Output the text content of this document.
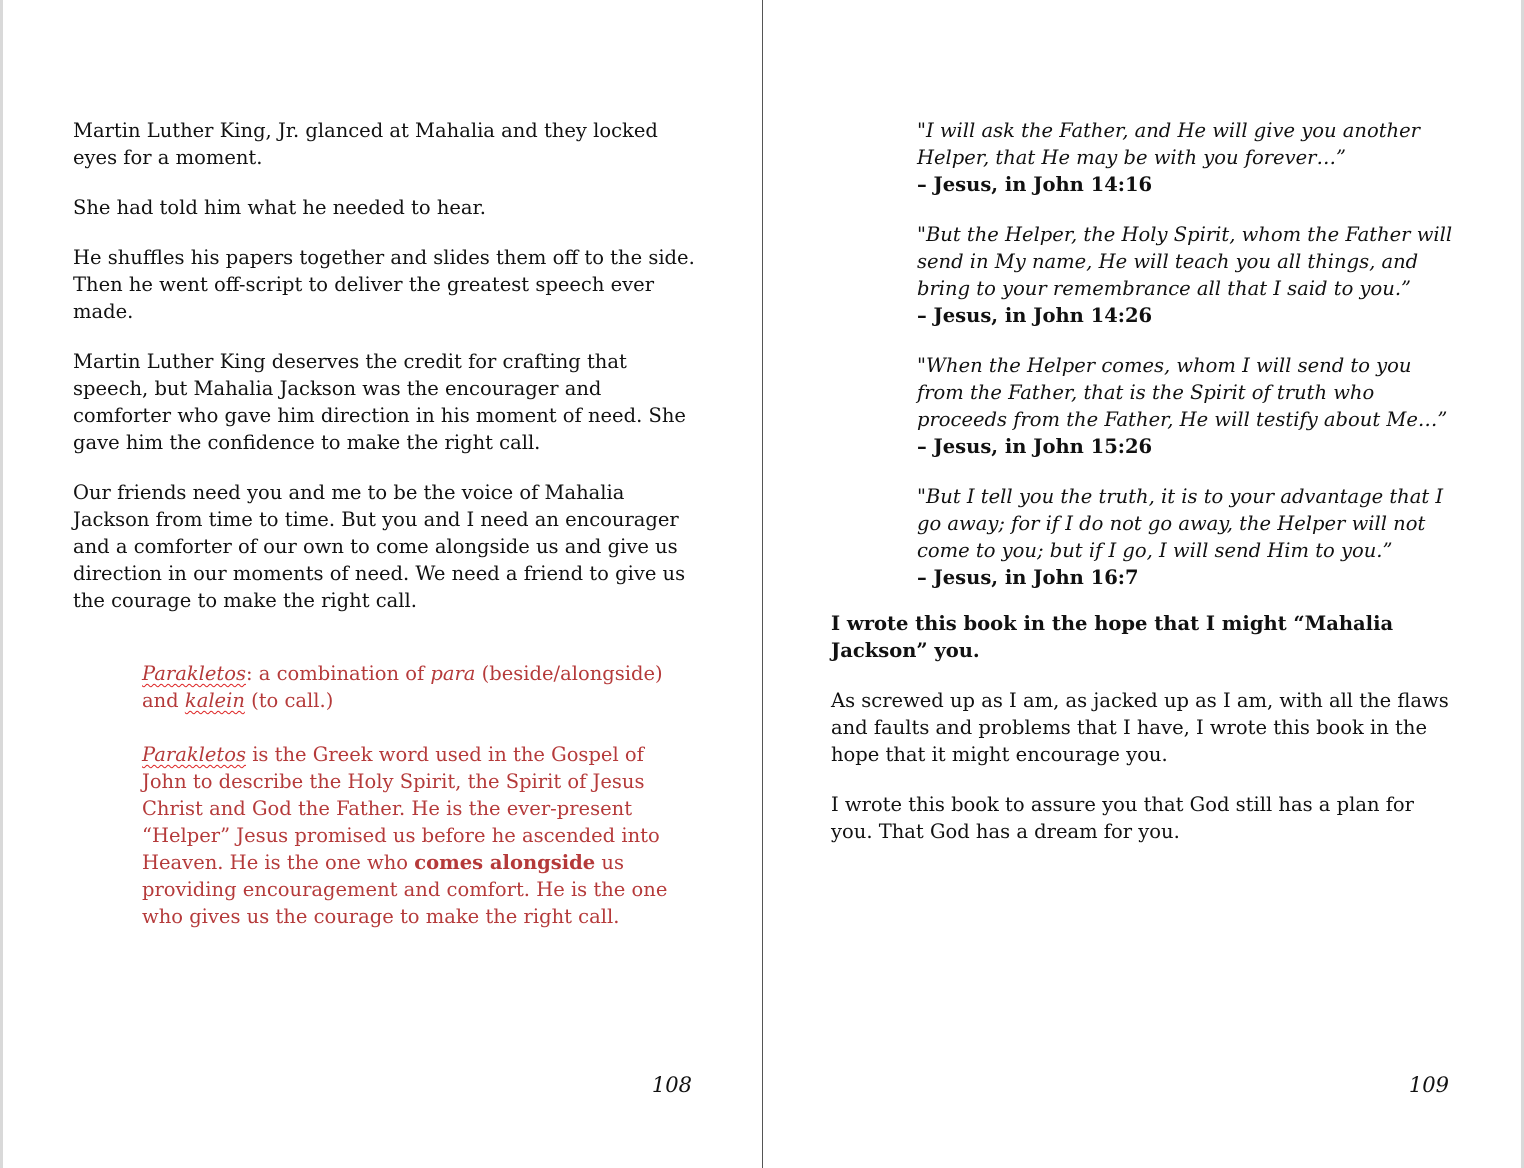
Martin Luther King, Jr. glanced at Mahalia and they locked eyes for a moment.

She had told him what he needed to hear.

He shuffles his papers together and slides them off to the side. Then he went off-script to deliver the greatest speech ever made.

Martin Luther King deserves the credit for crafting that speech, but Mahalia Jackson was the encourager and comforter who gave him direction in his moment of need. She gave him the confidence to make the right call.

Our friends need you and me to be the voice of Mahalia Jackson from time to time. But you and I need an encourager and a comforter of our own to come alongside us and give us direction in our moments of need. We need a friend to give us the courage to make the right call.

Parakletos: a combination of para (beside/alongside)
and kalein (to call.)

Parakletos is the Greek word used in the Gospel of John to describe the Holy Spirit, the Spirit of Jesus Christ and God the Father. He is the ever-present “Helper” Jesus promised us before he ascended into Heaven. He is the one who comes alongside us providing encouragement and comfort. He is the one who gives us the courage to make the right call.

108
"I will ask the Father, and He will give you another Helper, that He may be with you forever…”
– Jesus, in John 14:16
"But the Helper, the Holy Spirit, whom the Father will send in My name, He will teach you all things, and bring to your remembrance all that I said to you.”
– Jesus, in John 14:26
"When the Helper comes, whom I will send to you from the Father, that is the Spirit of truth who proceeds from the Father, He will testify about Me…”
– Jesus, in John 15:26
"But I tell you the truth, it is to your advantage that I go away; for if I do not go away, the Helper will not come to you; but if I go, I will send Him to you.”
– Jesus, in John 16:7

I wrote this book in the hope that I might “Mahalia Jackson” you.

As screwed up as I am, as jacked up as I am, with all the flaws and faults and problems that I have, I wrote this book in the hope that it might encourage you.

I wrote this book to assure you that God still has a plan for you. That God has a dream for you.

109
